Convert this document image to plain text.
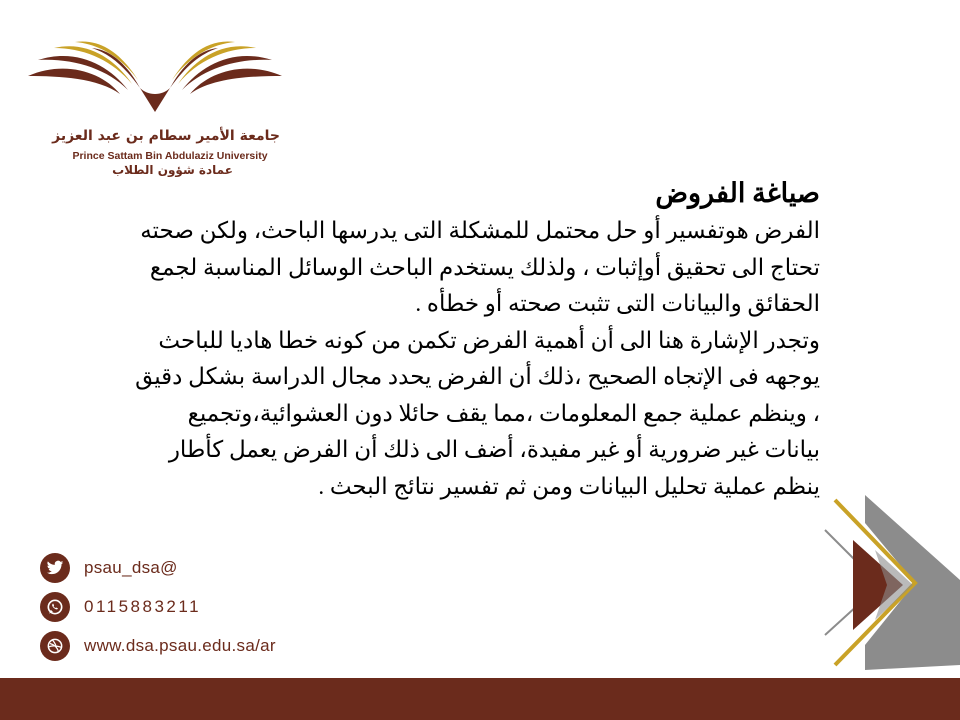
جامعة الأمير سطام بن عبد العزيز
Prince Sattam Bin Abdulaziz University
عمادة شؤون الطلاب
صياغة الفروض
الفرض هوتفسير أو حل محتمل للمشكلة التى يدرسها الباحث، ولكن صحته
تحتاج الى تحقيق أوإثبات ، ولذلك يستخدم الباحث الوسائل المناسبة لجمع
الحقائق والبيانات التى تثبت صحته أو خطأه .
وتجدر الإشارة هنا الى أن أهمية الفرض تكمن من كونه خطا هاديا للباحث
يوجهه فى الإتجاه الصحيح ،ذلك أن الفرض يحدد مجال الدراسة بشكل دقيق
، وينظم عملية جمع المعلومات ،مما يقف حائلا دون العشوائية،وتجميع
بيانات غير ضرورية أو غير مفيدة، أضف الى ذلك أن الفرض يعمل كأطار
ينظم عملية تحليل البيانات ومن ثم تفسير نتائج البحث .
psau_dsa@
0115883211
www.dsa.psau.edu.sa/ar
